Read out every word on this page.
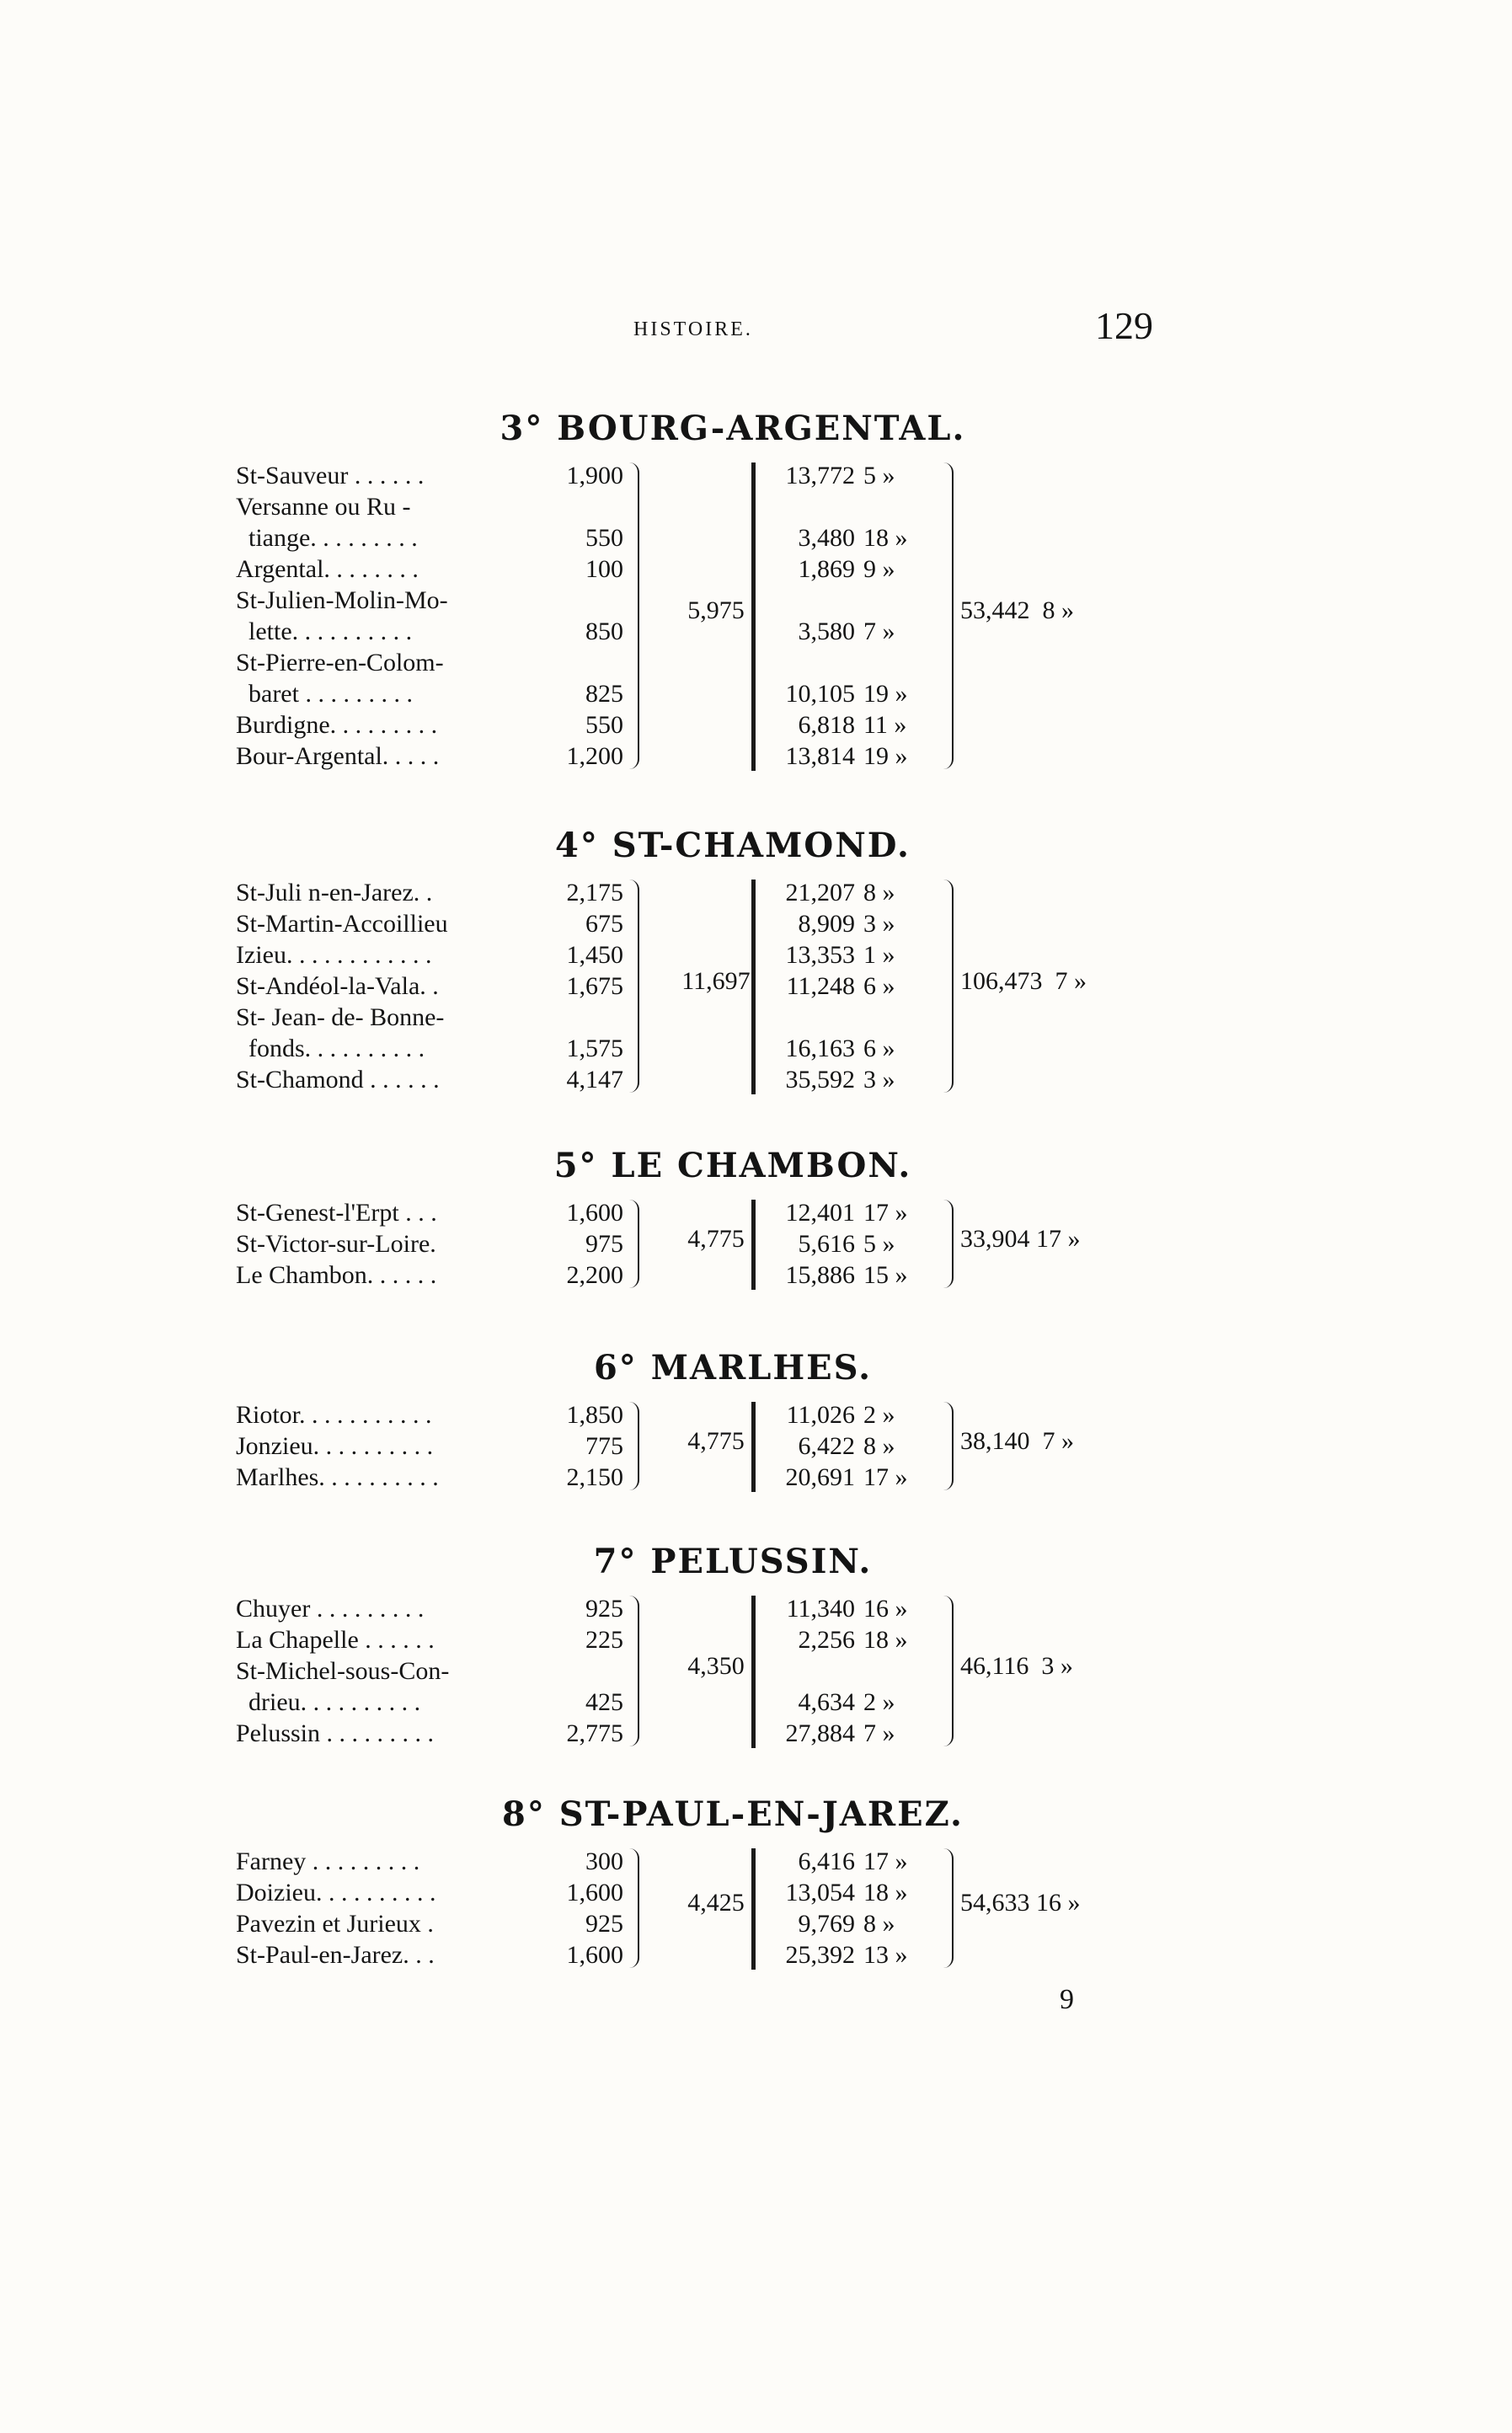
HISTOIRE.	129
3° BOURG-ARGENTAL.
St-Sauveur . . . . . .	1,900	13,772 5 »
Versanne ou Ru -
tiange. . . . . . . . .	550	3,480 18 »
Argental. . . . . . . .	100	1,869 9 »
St-Julien-Molin-Mo-
lette. . . . . . . . . .	850	3,580 7 »
St-Pierre-en-Colom-
baret . . . . . . . . .	825	10,105 19 »
Burdigne. . . . . . . . .	550	6,818 11 »
Bour-Argental. . . . .	1,200	13,814 19 »
5,975	53,442  8 »
4° ST-CHAMOND.
St-Juli n-en-Jarez. .	2,175	21,207 8 »
St-Martin-Accoillieu	675	8,909 3 »
Izieu. . . . . . . . . . . .	1,450	13,353 1 »
St-Andéol-la-Vala. .	1,675	11,248 6 »
St- Jean- de- Bonne-
fonds. . . . . . . . . .	1,575	16,163 6 »
St-Chamond . . . . . .	4,147	35,592 3 »
11,697	106,473  7 »
5° LE CHAMBON.
St-Genest-l'Erpt . . .	1,600	12,401 17 »
St-Victor-sur-Loire.	975	5,616 5 »
Le Chambon. . . . . .	2,200	15,886 15 »
4,775	33,904 17 »
6° MARLHES.
Riotor. . . . . . . . . . .	1,850	11,026 2 »
Jonzieu. . . . . . . . . .	775	6,422 8 »
Marlhes. . . . . . . . . .	2,150	20,691 17 »
4,775	38,140  7 »
7° PELUSSIN.
Chuyer . . . . . . . . .	925	11,340 16 »
La Chapelle . . . . . .	225	2,256 18 »
St-Michel-sous-Con-
drieu. . . . . . . . . .	425	4,634 2 »
Pelussin . . . . . . . . .	2,775	27,884 7 »
4,350	46,116  3 »
8° ST-PAUL-EN-JAREZ.
Farney . . . . . . . . .	300	6,416 17 »
Doizieu. . . . . . . . . .	1,600	13,054 18 »
Pavezin et Jurieux .	925	9,769 8 »
St-Paul-en-Jarez. . .	1,600	25,392 13 »
4,425	54,633 16 »
9
